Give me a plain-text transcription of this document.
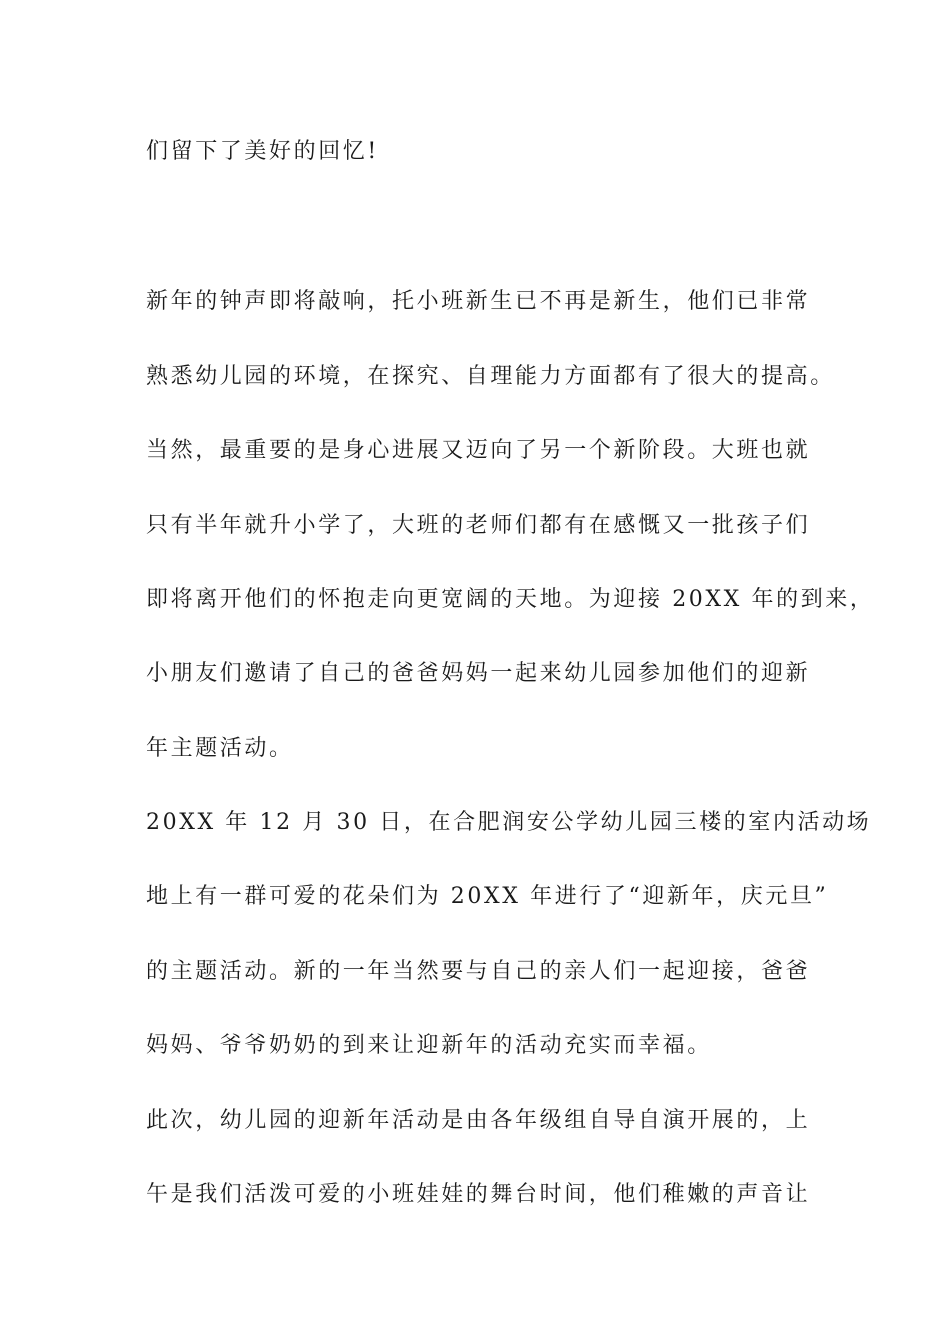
们留下了美好的回忆!
新年的钟声即将敲响，托小班新生已不再是新生，他们已非常
熟悉幼儿园的环境，在探究、自理能力方面都有了很大的提高。
当然，最重要的是身心进展又迈向了另一个新阶段。大班也就
只有半年就升小学了，大班的老师们都有在感慨又一批孩子们
即将离开他们的怀抱走向更宽阔的天地。为迎接 20XX 年的到来，
小朋友们邀请了自己的爸爸妈妈一起来幼儿园参加他们的迎新
年主题活动。
20XX 年 12 月 30 日，在合肥润安公学幼儿园三楼的室内活动场
地上有一群可爱的花朵们为 20XX 年进行了“迎新年，庆元旦”
的主题活动。新的一年当然要与自己的亲人们一起迎接，爸爸
妈妈、爷爷奶奶的到来让迎新年的活动充实而幸福。
此次，幼儿园的迎新年活动是由各年级组自导自演开展的，上
午是我们活泼可爱的小班娃娃的舞台时间，他们稚嫩的声音让
